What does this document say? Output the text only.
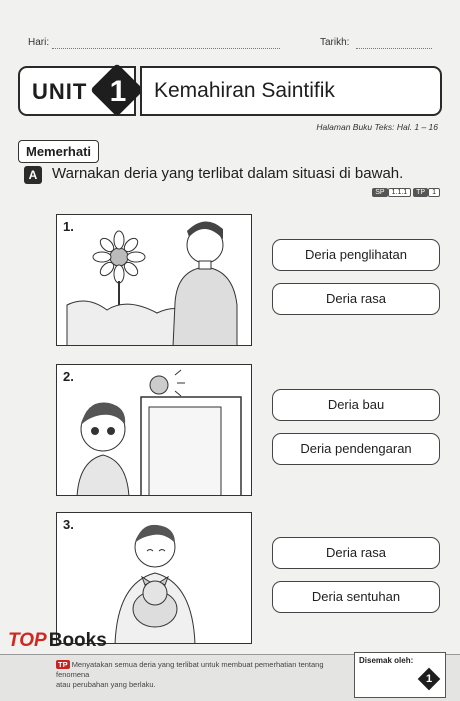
Hari:	Tarikh:
UNIT 1 Kemahiran Saintifik
Halaman Buku Teks: Hal. 1 – 16
Memerhati
A Warnakan deria yang terlibat dalam situasi di bawah.
SP 1.1.1 TP 1
1.
Deria penglihatan
Deria rasa
2.
Deria bau
Deria pendengaran
3.
Deria rasa
Deria sentuhan
TP Menyatakan semua deria yang terlibat untuk membuat pemerhatian tentang fenomena
atau perubahan yang berlaku.
Disemak oleh:
1
TOP Books
